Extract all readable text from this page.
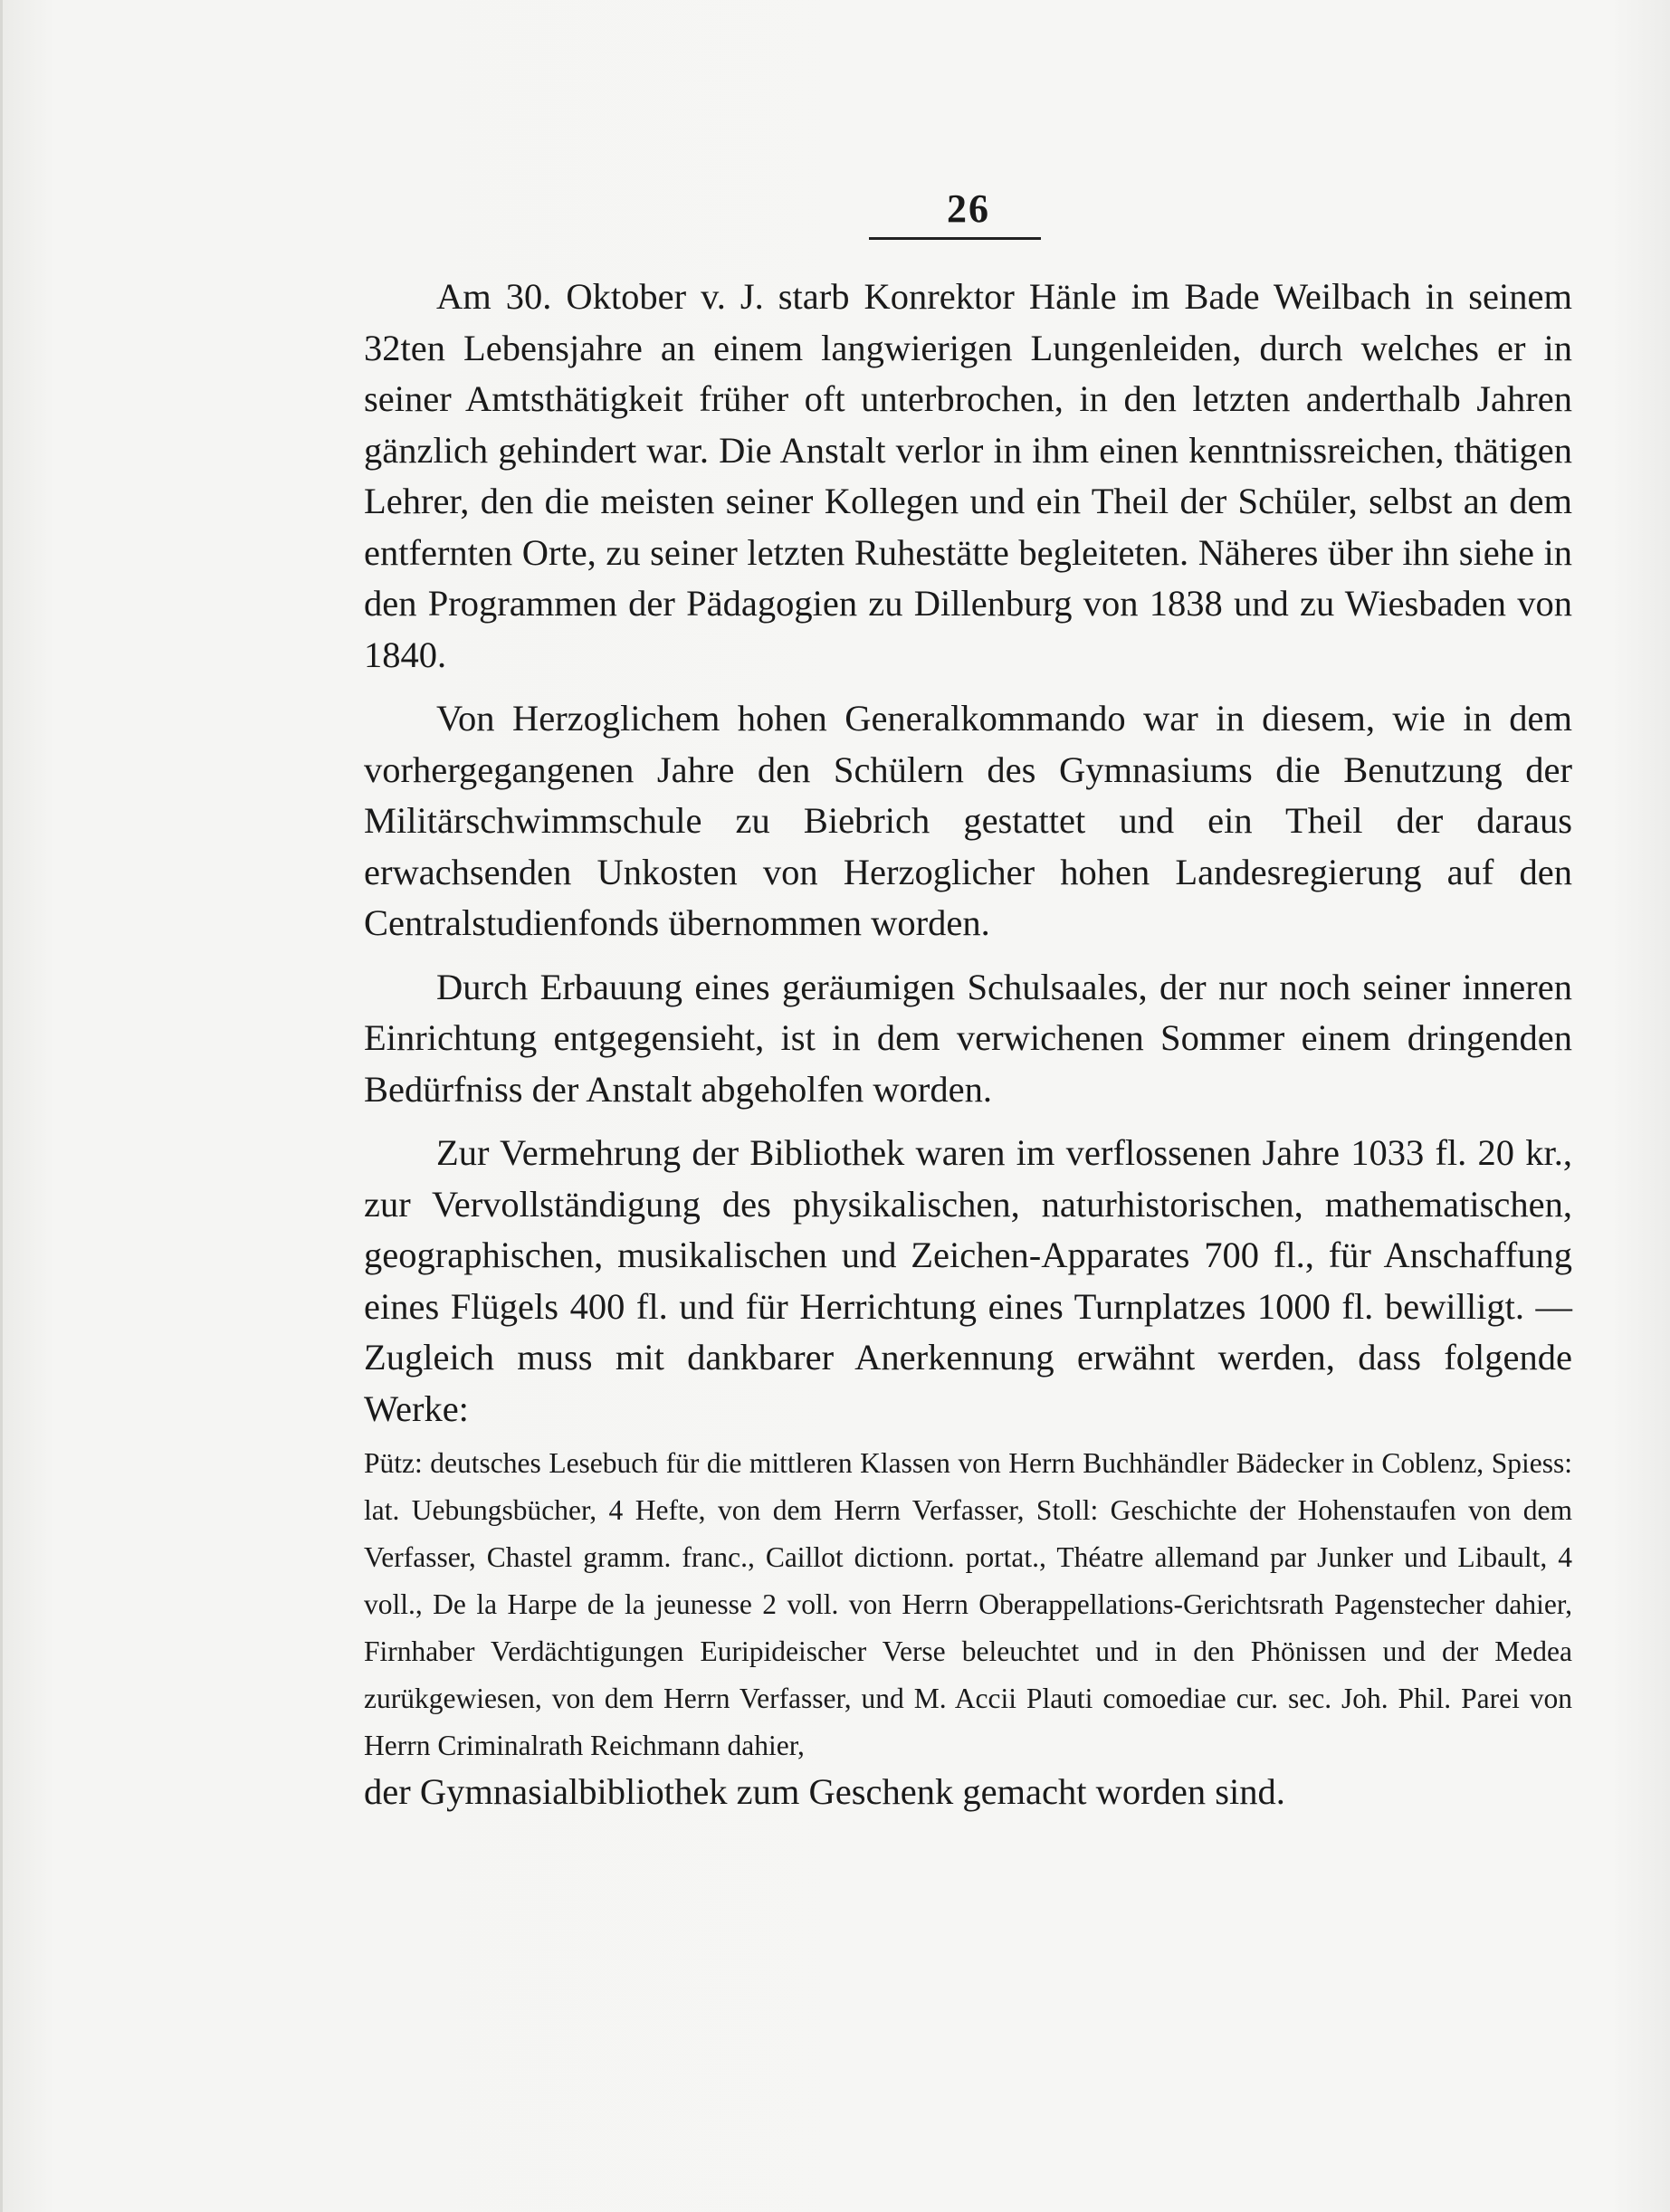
26

Am 30. Oktober v. J. starb Konrektor Hänle im Bade Weilbach in seinem 32ten Lebensjahre an einem langwierigen Lungenleiden, durch welches er in seiner Amtsthätigkeit früher oft unterbrochen, in den letzten anderthalb Jahren gänzlich gehindert war. Die Anstalt verlor in ihm einen kenntnissreichen, thätigen Lehrer, den die meisten seiner Kollegen und ein Theil der Schüler, selbst an dem entfernten Orte, zu seiner letzten Ruhestätte begleiteten. Näheres über ihn siehe in den Programmen der Pädagogien zu Dillenburg von 1838 und zu Wiesbaden von 1840.

Von Herzoglichem hohen Generalkommando war in diesem, wie in dem vorhergegangenen Jahre den Schülern des Gymnasiums die Benutzung der Militärschwimmschule zu Biebrich gestattet und ein Theil der daraus erwachsenden Unkosten von Herzoglicher hohen Landesregierung auf den Centralstudienfonds übernommen worden.

Durch Erbauung eines geräumigen Schulsaales, der nur noch seiner inneren Einrichtung entgegensieht, ist in dem verwichenen Sommer einem dringenden Bedürfniss der Anstalt abgeholfen worden.

Zur Vermehrung der Bibliothek waren im verflossenen Jahre 1033 fl. 20 kr., zur Vervollständigung des physikalischen, naturhistorischen, mathematischen, geographischen, musikalischen und Zeichen-Apparates 700 fl., für Anschaffung eines Flügels 400 fl. und für Herrichtung eines Turnplatzes 1000 fl. bewilligt. — Zugleich muss mit dankbarer Anerkennung erwähnt werden, dass folgende Werke:

Pütz: deutsches Lesebuch für die mittleren Klassen von Herrn Buchhändler Bädecker in Coblenz, Spiess: lat. Uebungsbücher, 4 Hefte, von dem Herrn Verfasser, Stoll: Geschichte der Hohenstaufen von dem Verfasser, Chastel gramm. franc., Caillot dictionn. portat., Théatre allemand par Junker und Libault, 4 voll., De la Harpe de la jeunesse 2 voll. von Herrn Oberappellations-Gerichtsrath Pagenstecher dahier, Firnhaber Verdächtigungen Euripideischer Verse beleuchtet und in den Phönissen und der Medea zurükgewiesen, von dem Herrn Verfasser, und M. Accii Plauti comoediae cur. sec. Joh. Phil. Parei von Herrn Criminalrath Reichmann dahier,

der Gymnasialbibliothek zum Geschenk gemacht worden sind.
